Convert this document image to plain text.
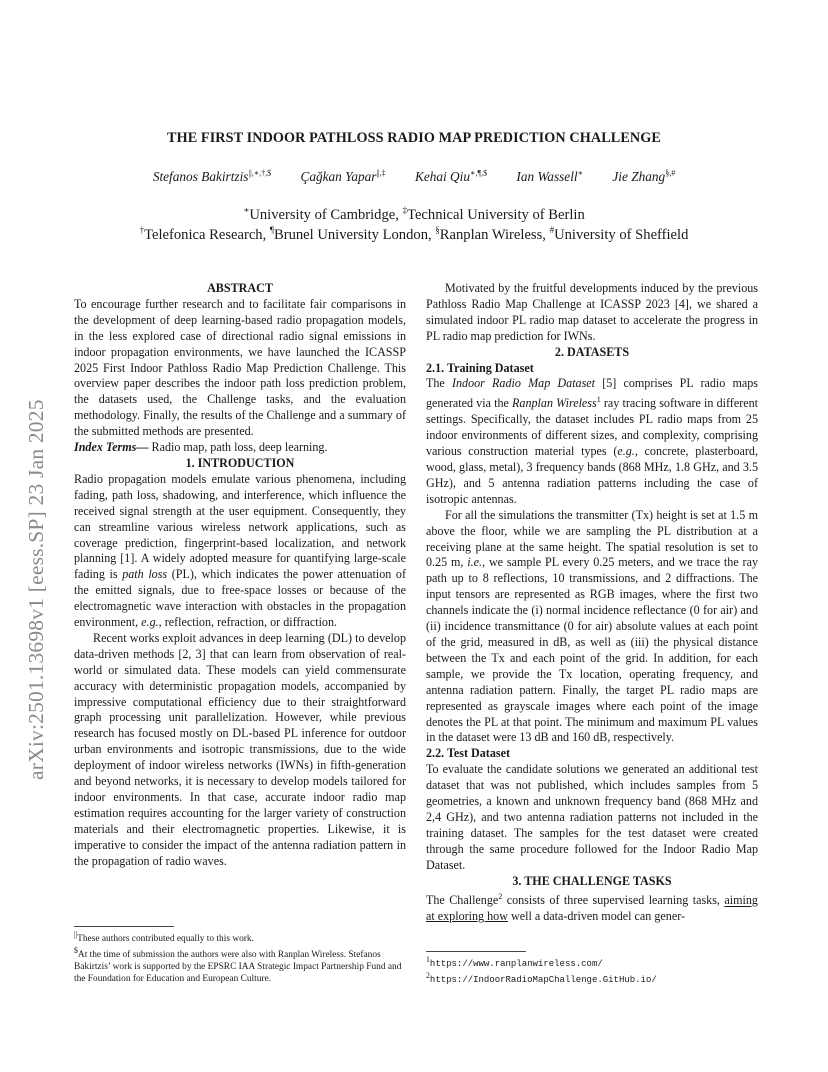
arXiv:2501.13698v1 [eess.SP] 23 Jan 2025
THE FIRST INDOOR PATHLOSS RADIO MAP PREDICTION CHALLENGE
Stefanos Bakirtzis||,∗,†,$ Çağkan Yapar||,‡ Kehai Qiu∗,¶,$ Ian Wassell∗ Jie Zhang§,#
∗University of Cambridge, ‡Technical University of Berlin
†Telefonica Research, ¶Brunel University London, §Ranplan Wireless, #University of Sheffield

ABSTRACT

To encourage further research and to facilitate fair comparisons in the development of deep learning-based radio propagation models, in the less explored case of directional radio signal emissions in indoor propagation environments, we have launched the ICASSP 2025 First Indoor Pathloss Radio Map Prediction Challenge. This overview paper describes the indoor path loss prediction problem, the datasets used, the Challenge tasks, and the evaluation methodology. Finally, the results of the Challenge and a summary of the submitted methods are presented.

Index Terms— Radio map, path loss, deep learning.

1. INTRODUCTION

Radio propagation models emulate various phenomena, including fading, path loss, shadowing, and interference, which influence the received signal strength at the user equipment. Consequently, they can streamline various wireless network applications, such as coverage prediction, fingerprint-based localization, and network planning [1]. A widely adopted measure for quantifying large-scale fading is path loss (PL), which indicates the power attenuation of the emitted signals, due to free-space losses or because of the electromagnetic wave interaction with obstacles in the propagation environment, e.g., reflection, refraction, or diffraction.

Recent works exploit advances in deep learning (DL) to develop data-driven methods [2, 3] that can learn from observation of real-world or simulated data. These models can yield commensurate accuracy with deterministic propagation models, accompanied by impressive computational efficiency due to their straightforward graph processing unit parallelization. However, while previous research has focused mostly on DL-based PL inference for outdoor urban environments and isotropic transmissions, due to the wide deployment of indoor wireless networks (IWNs) in fifth-generation and beyond networks, it is necessary to develop models tailored for indoor environments. In that case, accurate indoor radio map estimation requires accounting for the larger variety of construction materials and their electromagnetic properties. Likewise, it is imperative to consider the impact of the antenna radiation pattern in the propagation of radio waves.

Motivated by the fruitful developments induced by the previous Pathloss Radio Map Challenge at ICASSP 2023 [4], we shared a simulated indoor PL radio map dataset to accelerate the progress in PL radio map prediction for IWNs.

2. DATASETS

2.1. Training Dataset

The Indoor Radio Map Dataset [5] comprises PL radio maps generated via the Ranplan Wireless$^1$ ray tracing software in different settings. Specifically, the dataset includes PL radio maps from 25 indoor environments of different sizes, and complexity, comprising various construction material types (e.g., concrete, plasterboard, wood, glass, metal), 3 frequency bands (868 MHz, 1.8 GHz, and 3.5 GHz), and 5 antenna radiation patterns including the case of isotropic antennas.

For all the simulations the transmitter (Tx) height is set at 1.5 m above the floor, while we are sampling the PL distribution at a receiving plane at the same height. The spatial resolution is set to 0.25 m, i.e., we sample PL every 0.25 meters, and we trace the ray path up to 8 reflections, 10 transmissions, and 2 diffractions. The input tensors are represented as RGB images, where the first two channels indicate the (i) normal incidence reflectance (0 for air) and (ii) incidence transmittance (0 for air) absolute values at each point of the grid, measured in dB, as well as (iii) the physical distance between the Tx and each point of the grid. In addition, for each sample, we provide the Tx location, operating frequency, and antenna radiation pattern. Finally, the target PL radio maps are represented as grayscale images where each point of the image denotes the PL at that point. The minimum and maximum PL values in the dataset were 13 dB and 160 dB, respectively.

2.2. Test Dataset

To evaluate the candidate solutions we generated an additional test dataset that was not published, which includes samples from 5 geometries, a known and unknown frequency band (868 MHz and 2,4 GHz), and two antenna radiation patterns not included in the training dataset. The samples for the test dataset were created through the same procedure followed for the Indoor Radio Map Dataset.

3. THE CHALLENGE TASKS

The Challenge$^2$ consists of three supervised learning tasks, aiming at exploring how well a data-driven model can gener-

||These authors contributed equally to this work.
$At the time of submission the authors were also with Ranplan Wireless. Stefanos Bakirtzis’ work is supported by the EPSRC IAA Strategic Impact Partnership Fund and the Foundation for Education and European Culture.
$^1$https://www.ranplanwireless.com/
$^2$https://IndoorRadioMapChallenge.GitHub.io/
